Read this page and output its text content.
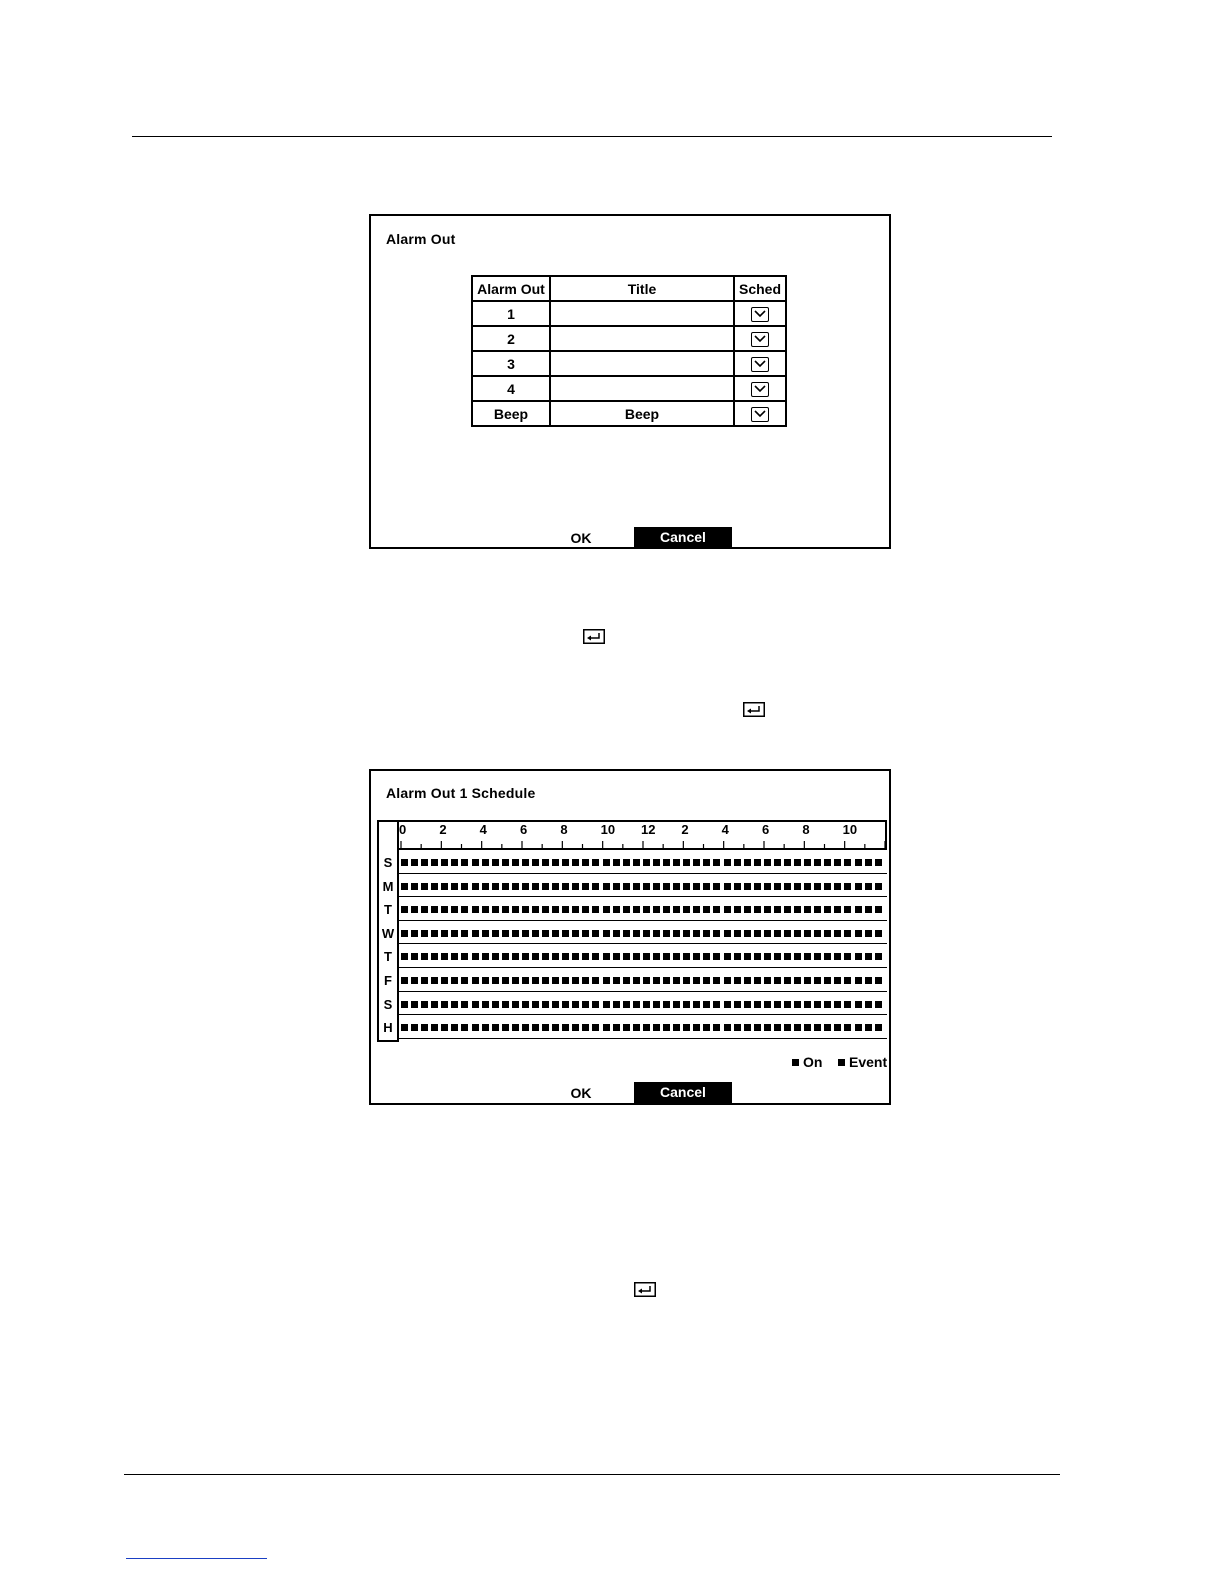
Alarm Out
Alarm Out	Title	Sched
1		

2		

3		

4		

Beep	Beep	
OK	Cancel
Alarm Out 1 Schedule
0	2	4	6	8	10 12 2	4	6	8	10
S
M
T
W
T
F
S
H
On Event
OK	Cancel
